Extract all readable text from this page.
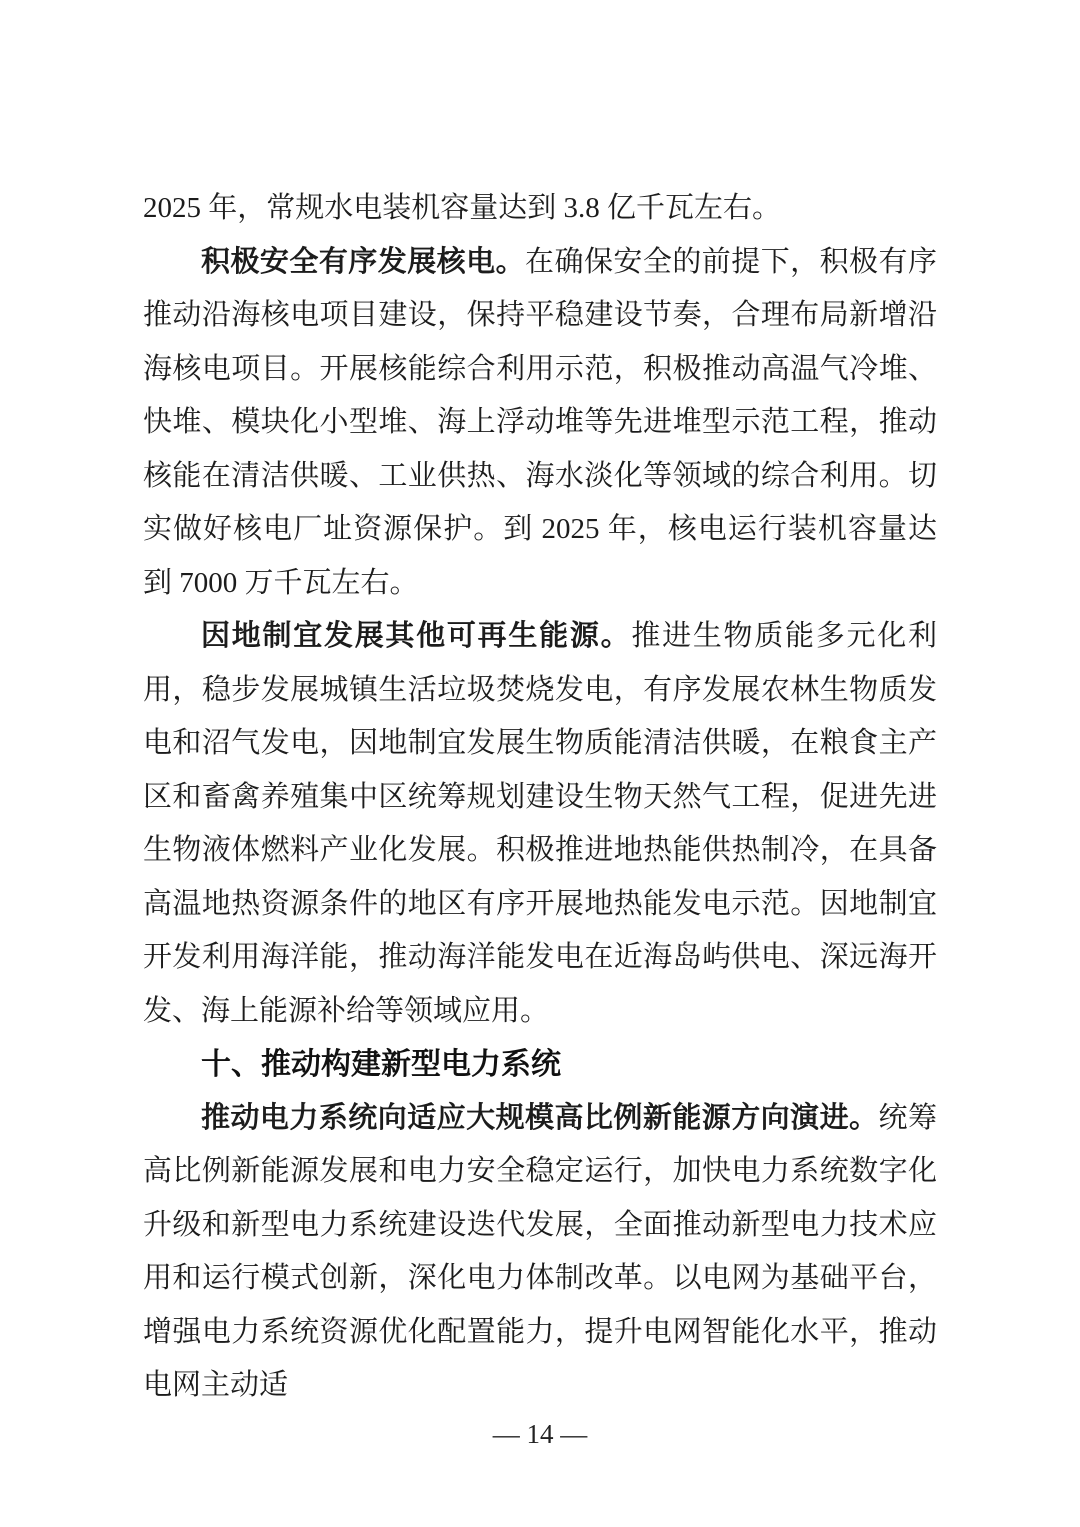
2025 年，常规水电装机容量达到 3.8 亿千瓦左右。

积极安全有序发展核电。在确保安全的前提下，积极有序推动沿海核电项目建设，保持平稳建设节奏，合理布局新增沿海核电项目。开展核能综合利用示范，积极推动高温气冷堆、快堆、模块化小型堆、海上浮动堆等先进堆型示范工程，推动核能在清洁供暖、工业供热、海水淡化等领域的综合利用。切实做好核电厂址资源保护。到 2025 年，核电运行装机容量达到 7000 万千瓦左右。

因地制宜发展其他可再生能源。推进生物质能多元化利用，稳步发展城镇生活垃圾焚烧发电，有序发展农林生物质发电和沼气发电，因地制宜发展生物质能清洁供暖，在粮食主产区和畜禽养殖集中区统筹规划建设生物天然气工程，促进先进生物液体燃料产业化发展。积极推进地热能供热制冷，在具备高温地热资源条件的地区有序开展地热能发电示范。因地制宜开发利用海洋能，推动海洋能发电在近海岛屿供电、深远海开发、海上能源补给等领域应用。

十、推动构建新型电力系统

推动电力系统向适应大规模高比例新能源方向演进。统筹高比例新能源发展和电力安全稳定运行，加快电力系统数字化升级和新型电力系统建设迭代发展，全面推动新型电力技术应用和运行模式创新，深化电力体制改革。以电网为基础平台，增强电力系统资源优化配置能力，提升电网智能化水平，推动电网主动适

— 14 —
